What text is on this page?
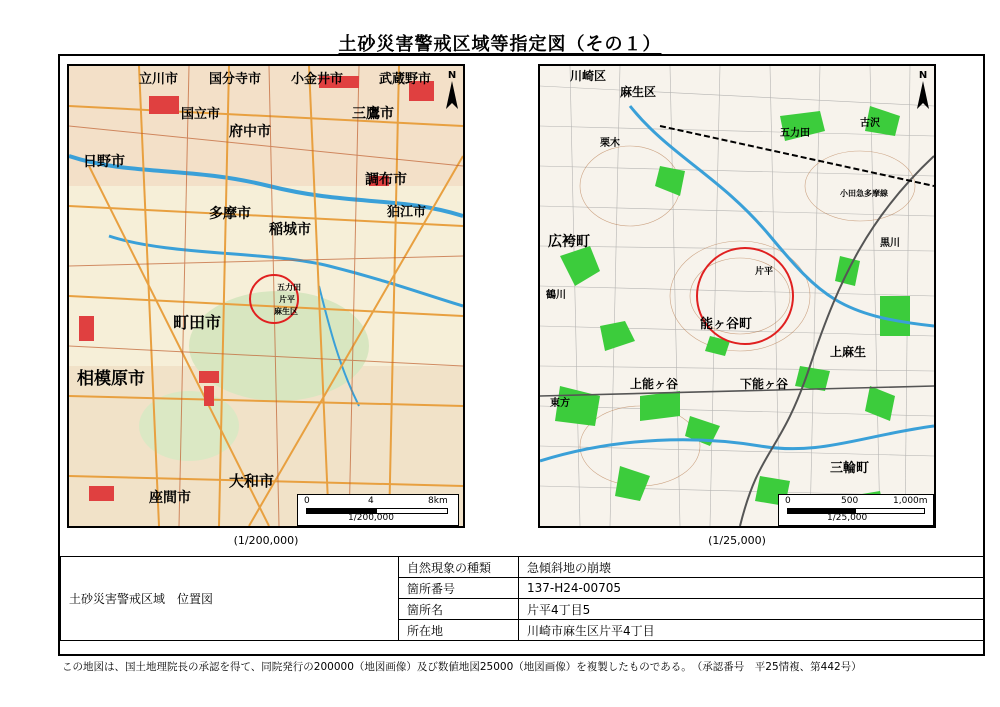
土砂災害警戒区域等指定図（その１）
立川市 国分寺市 小金井市	武蔵野市
国立市
府中市
三鷹市
日野市
調布市
多摩市
稲城市
狛江市
町田市
相模原市
大和市
座間市
五力田
片平
麻生区
N
0	4	8km
1/200,000
(1/200,000)
川崎区
麻生区
広袴町
能ヶ谷町
上能ヶ谷	下能ヶ谷
上麻生
三輪町
五力田
古沢
片平
栗木
黒川
鶴川
東方
小田急多摩線
N
0	500	1,000m
1/25,000
(1/25,000)
土砂災害警戒区域　位置図	自然現象の種類	急傾斜地の崩壊
	箇所番号	137-H24-00705
	箇所名	片平4丁目5
	所在地	川崎市麻生区片平4丁目
この地図は、国土地理院長の承認を得て、同院発行の200000（地図画像）及び数値地図25000（地図画像）を複製したものである。　（承認番号　平25情複、第442号）
